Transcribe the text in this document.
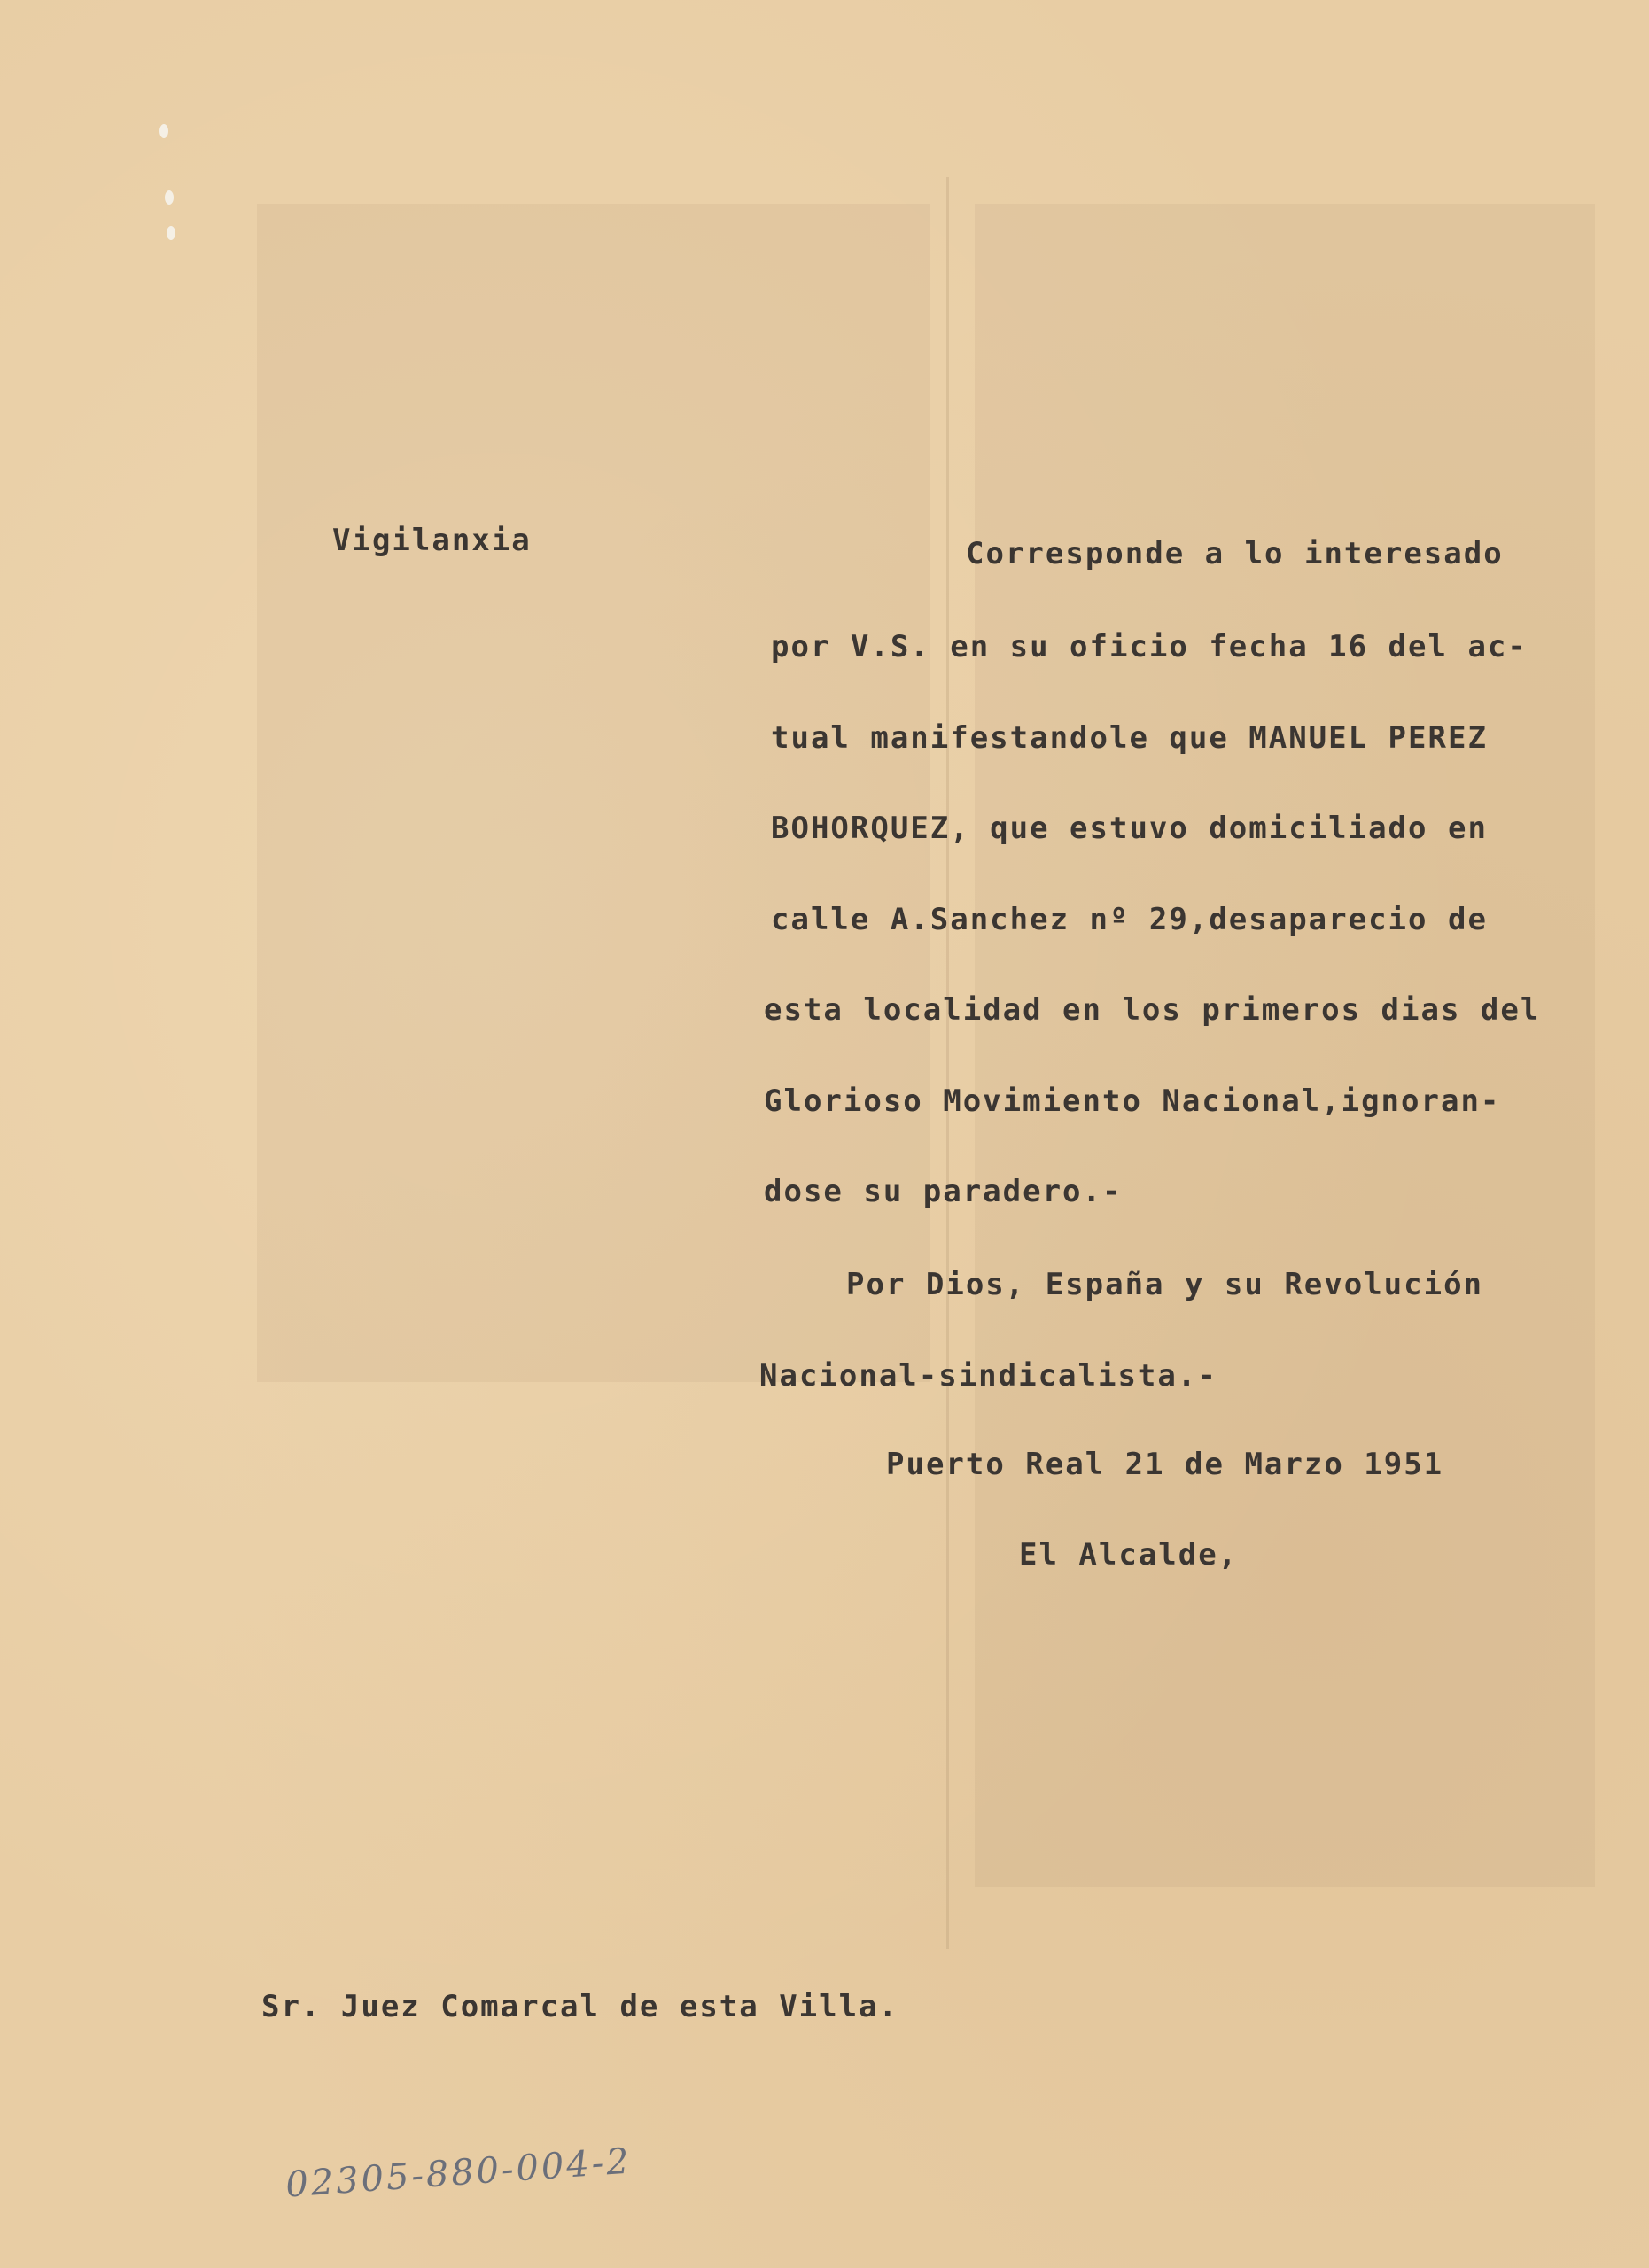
Vigilanxia	Corresponde a lo interesado
por V.S. en su oficio fecha 16 del ac-
tual manifestandole que MANUEL PEREZ
BOHORQUEZ, que estuvo domiciliado en
calle A.Sanchez nº 29,desaparecio de
esta localidad en los primeros dias del
Glorioso Movimiento Nacional,ignoran-
dose su paradero.-
Por Dios, España y su Revolución
Nacional-sindicalista.-
Puerto Real 21 de Marzo 1951
El Alcalde,
Sr. Juez Comarcal de esta Villa.
02305-880-004-2
